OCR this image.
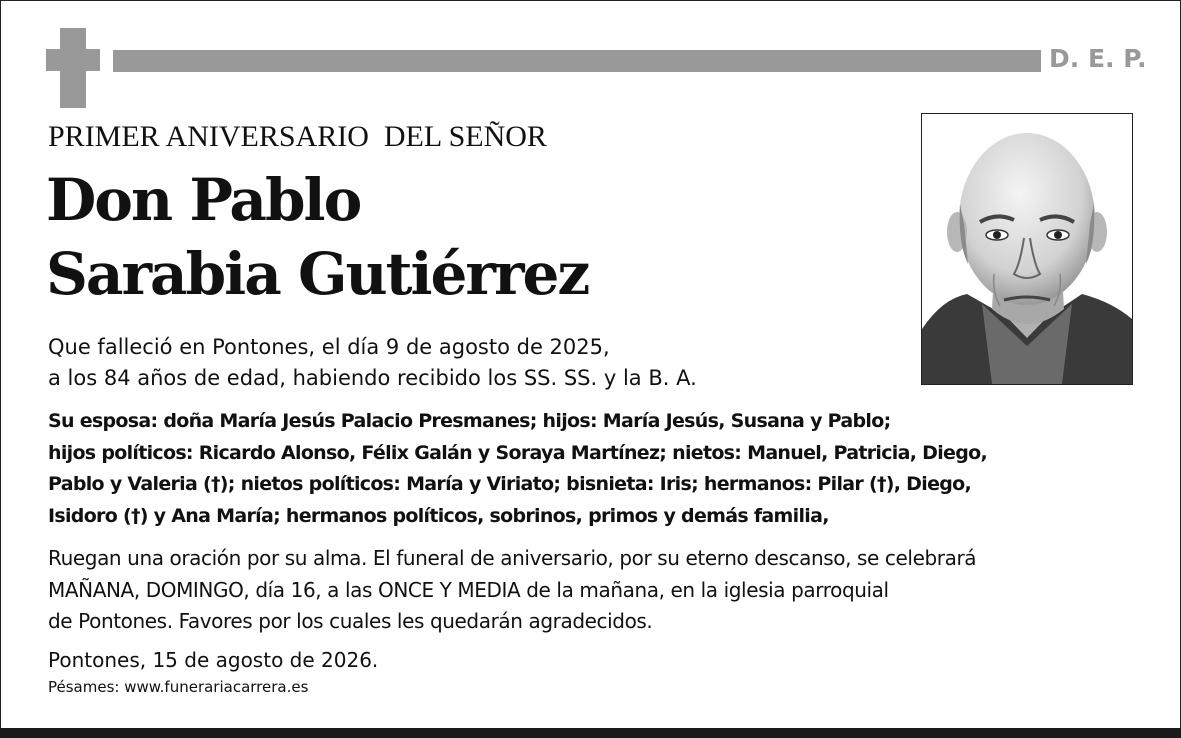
D. E. P.
PRIMER ANIVERSARIO  DEL SEÑOR
Don Pablo
Sarabia Gutiérrez
Que falleció en Pontones, el día 9 de agosto de 2025,
a los 84 años de edad, habiendo recibido los SS. SS. y la B. A.
Su esposa: doña María Jesús Palacio Presmanes; hijos: María Jesús, Susana y Pablo;
hijos políticos: Ricardo Alonso, Félix Galán y Soraya Martínez; nietos: Manuel, Patricia, Diego,
Pablo y Valeria (†); nietos políticos: María y Viriato; bisnieta: Iris; hermanos: Pilar (†), Diego,
Isidoro (†) y Ana María; hermanos políticos, sobrinos, primos y demás familia,
Ruegan una oración por su alma. El funeral de aniversario, por su eterno descanso, se celebrará
MAÑANA, DOMINGO, día 16, a las ONCE Y MEDIA de la mañana, en la iglesia parroquial
de Pontones. Favores por los cuales les quedarán agradecidos.
Pontones, 15 de agosto de 2026.
Pésames: www.funerariacarrera.es
